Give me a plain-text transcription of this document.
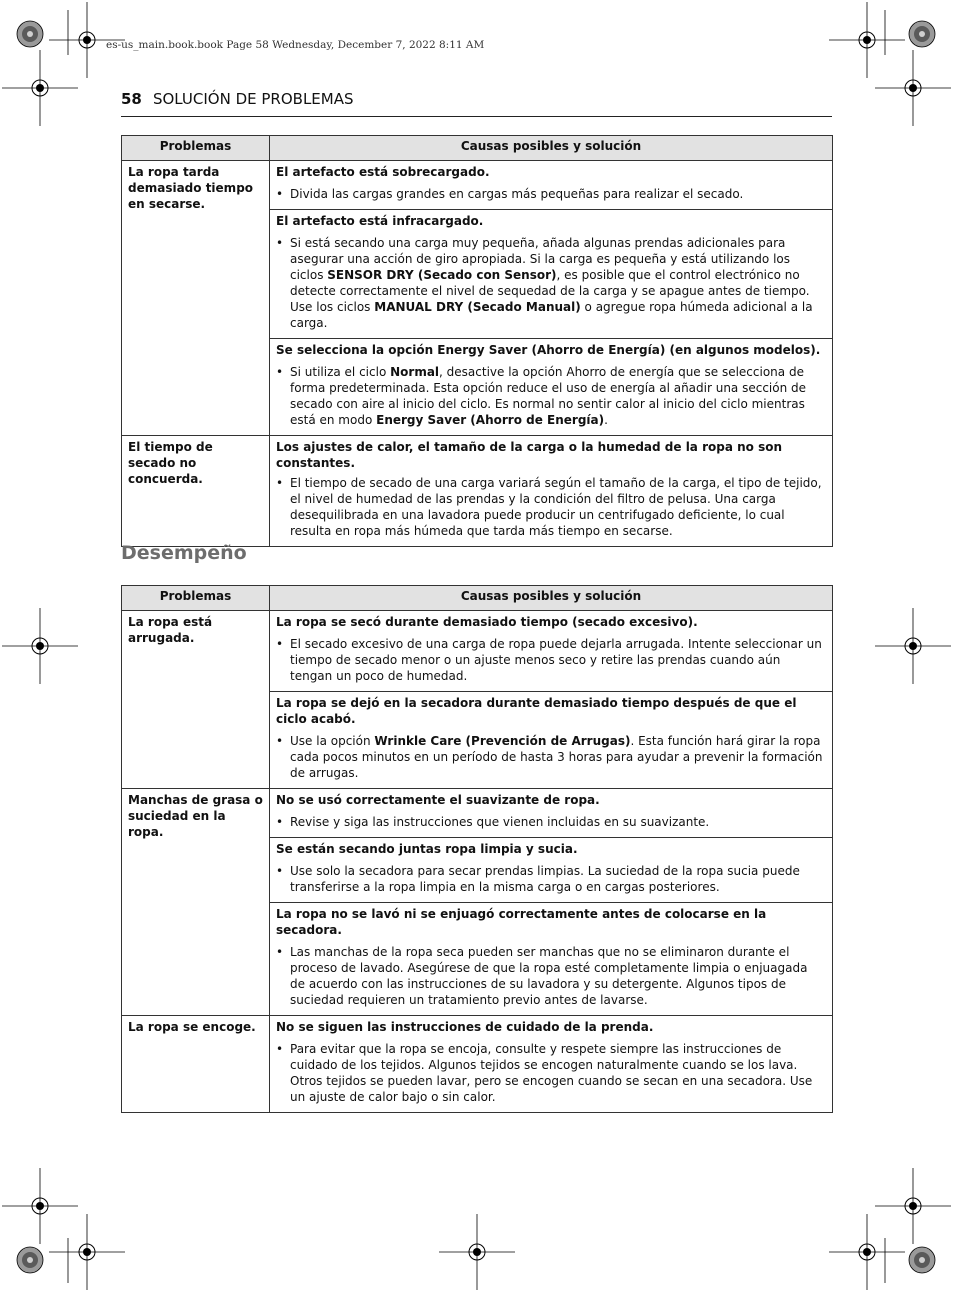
es-us_main.book.book Page 58 Wednesday, December 7, 2022 8:11 AM
58 SOLUCIÓN DE PROBLEMAS
Problemas	Causas posibles y solución
La ropa tarda demasiado tiempo en secarse.	El artefacto está sobrecargado.
• Divida las cargas grandes en cargas más pequeñas para realizar el secado.

	El artefacto está infracargado.
• Si está secando una carga muy pequeña, añada algunas prendas adicionales para asegurar una acción de giro apropiada. Si la carga es pequeña y está utilizando los ciclos SENSOR DRY (Secado con Sensor), es posible que el control electrónico no detecte correctamente el nivel de sequedad de la carga y se apague antes de tiempo. Use los ciclos MANUAL DRY (Secado Manual) o agregue ropa húmeda adicional a la carga.

	Se selecciona la opción Energy Saver (Ahorro de Energía) (en algunos modelos).
• Si utiliza el ciclo Normal, desactive la opción Ahorro de energía que se selecciona de forma predeterminada. Esta opción reduce el uso de energía al añadir una sección de secado con aire al inicio del ciclo. Es normal no sentir calor al inicio del ciclo mientras está en modo Energy Saver (Ahorro de Energía).

El tiempo de secado no concuerda.	Los ajustes de calor, el tamaño de la carga o la humedad de la ropa no son constantes.
• El tiempo de secado de una carga variará según el tamaño de la carga, el tipo de tejido, el nivel de humedad de las prendas y la condición del filtro de pelusa. Una carga desequilibrada en una lavadora puede producir un centrifugado deficiente, lo cual resulta en ropa más húmeda que tarda más tiempo en secarse.
Desempeño
Problemas	Causas posibles y solución
La ropa está arrugada.	La ropa se secó durante demasiado tiempo (secado excesivo).
• El secado excesivo de una carga de ropa puede dejarla arrugada. Intente seleccionar un tiempo de secado menor o un ajuste menos seco y retire las prendas cuando aún tengan un poco de humedad.

	La ropa se dejó en la secadora durante demasiado tiempo después de que el ciclo acabó.
• Use la opción Wrinkle Care (Prevención de Arrugas). Esta función hará girar la ropa cada pocos minutos en un período de hasta 3 horas para ayudar a prevenir la formación de arrugas.

Manchas de grasa o suciedad en la ropa.	No se usó correctamente el suavizante de ropa.
• Revise y siga las instrucciones que vienen incluidas en su suavizante.

	Se están secando juntas ropa limpia y sucia.
• Use solo la secadora para secar prendas limpias. La suciedad de la ropa sucia puede transferirse a la ropa limpia en la misma carga o en cargas posteriores.

	La ropa no se lavó ni se enjuagó correctamente antes de colocarse en la secadora.
• Las manchas de la ropa seca pueden ser manchas que no se eliminaron durante el proceso de lavado. Asegúrese de que la ropa esté completamente limpia o enjuagada de acuerdo con las instrucciones de su lavadora y su detergente. Algunos tipos de suciedad requieren un tratamiento previo antes de lavarse.

La ropa se encoge.	No se siguen las instrucciones de cuidado de la prenda.
• Para evitar que la ropa se encoja, consulte y respete siempre las instrucciones de cuidado de los tejidos. Algunos tejidos se encogen naturalmente cuando se los lava. Otros tejidos se pueden lavar, pero se encogen cuando se secan en una secadora. Use un ajuste de calor bajo o sin calor.
